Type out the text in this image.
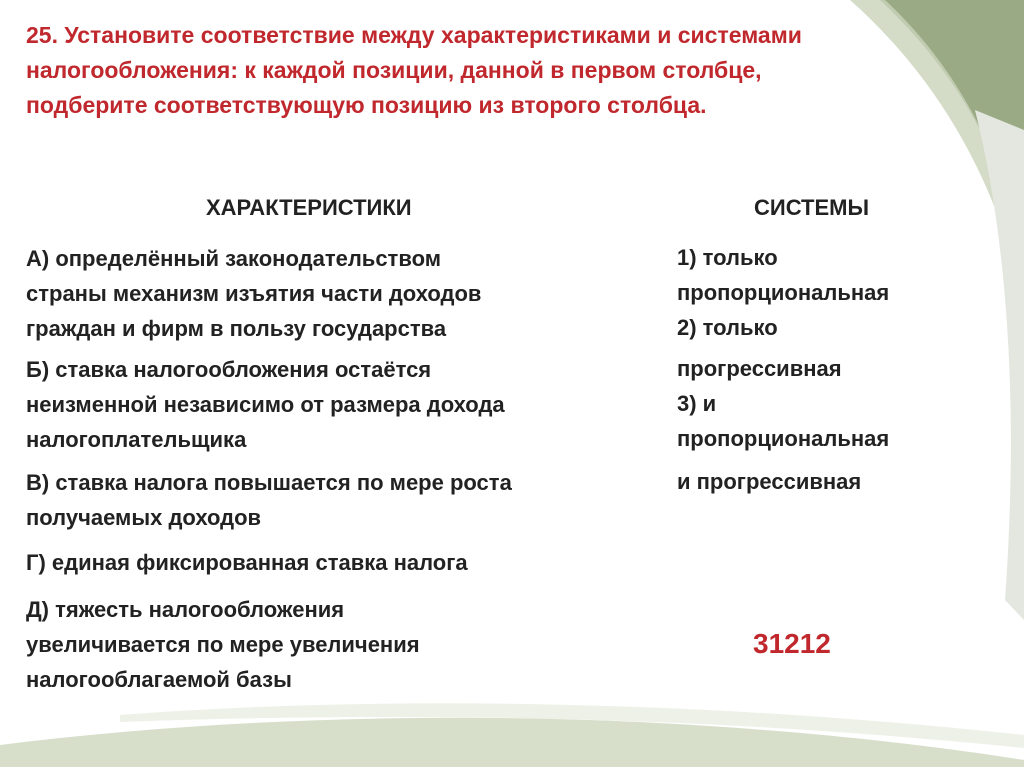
25. Установите соответствие между характеристиками и системами
налогообложения: к каждой позиции, данной в первом столбце,
подберите соответствующую позицию из второго столбца.
ХАРАКТЕРИСТИКИ	СИСТЕМЫ
А) определённый законодательством
страны механизм изъятия части доходов
граждан и фирм в пользу государства
Б) ставка налогообложения остаётся
неизменной независимо от размера дохода
налогоплательщика
В) ставка налога повышается по мере роста
получаемых доходов
Г) единая фиксированная ставка налога
Д) тяжесть налогообложения
увеличивается по мере увеличения
налогооблагаемой базы
1) только
пропорциональная
2) только
прогрессивная
3) и
пропорциональная
и прогрессивная
31212
